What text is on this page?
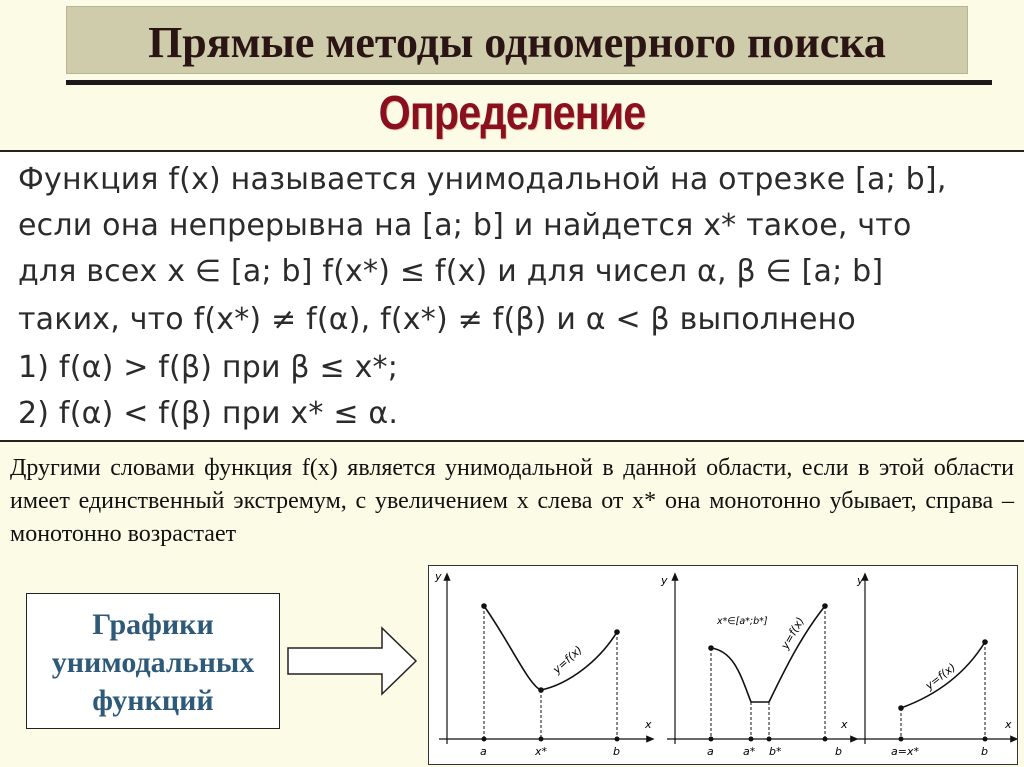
Прямые методы одномерного поиска
Определение
Функция f(x) называется унимодальной на отрезке [a; b],
если она непрерывна на [a; b] и найдется x* такое, что
для всех x ∈ [a; b] f(x*) ≤ f(x) и для чисел α, β ∈ [a; b]
таких, что f(x*) ≠ f(α), f(x*) ≠ f(β) и α < β выполнено
1) f(α) > f(β) при β ≤ x*;
2) f(α) < f(β) при x* ≤ α.
Другими словами функция f(x) является унимодальной в данной области, если в этой области имеет единственный экстремум, с увеличением x слева от x* она монотонно убывает, справа – монотонно возрастает
Графики
унимодальных
функций
y
x
a	x*	b
y=f(x)
y
x
a	a* b*	b
x*∈[a*;b*] y=f(x)
y
x
a=x*	b
y=f(x)
